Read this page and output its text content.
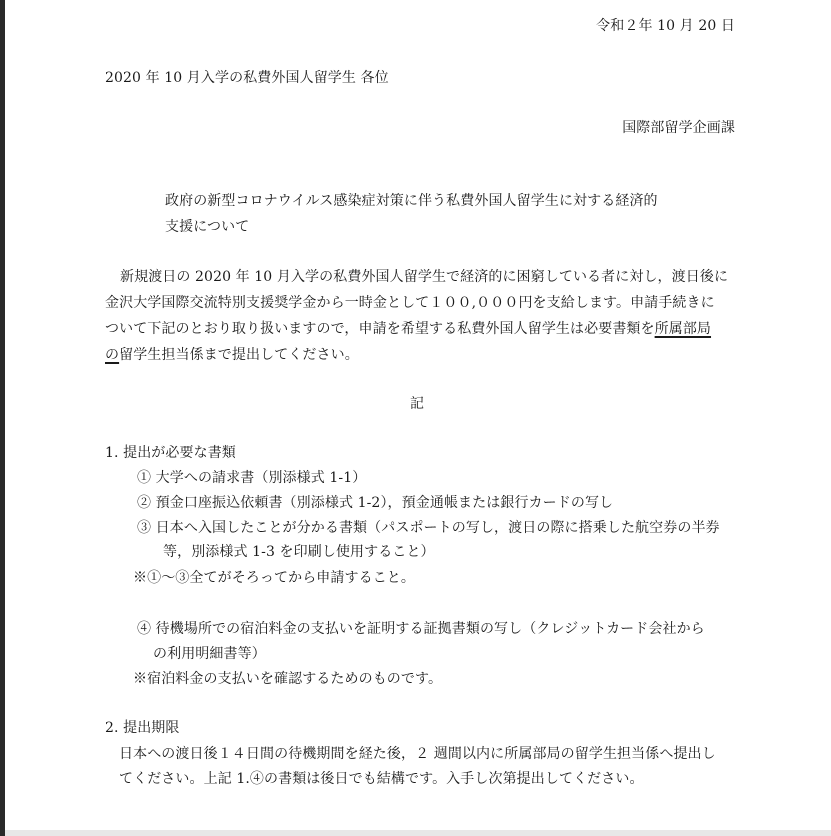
令和２年 10 月 20 日

2020 年 10 月入学の私費外国人留学生 各位

国際部留学企画課

政府の新型コロナウイルス感染症対策に伴う私費外国人留学生に対する経済的

支援について

新規渡日の 2020 年 10 月入学の私費外国人留学生で経済的に困窮している者に対し，渡日後に

金沢大学国際交流特別支援奨学金から一時金として１００,０００円を支給します。申請手続きに

ついて下記のとおり取り扱いますので，申請を希望する私費外国人留学生は必要書類を所属部局

の留学生担当係まで提出してください。

記

1. 提出が必要な書類

① 大学への請求書（別添様式 1-1）

② 預金口座振込依頼書（別添様式 1-2），預金通帳または銀行カードの写し

③ 日本へ入国したことが分かる書類（パスポートの写し，渡日の際に搭乗した航空券の半券

等，別添様式 1-3 を印刷し使用すること）

※①～③全てがそろってから申請すること。

④ 待機場所での宿泊料金の支払いを証明する証拠書類の写し（クレジットカード会社から

の利用明細書等）

※宿泊料金の支払いを確認するためのものです。

2. 提出期限

日本への渡日後１４日間の待機期間を経た後，２ 週間以内に所属部局の留学生担当係へ提出し

てください。上記 1.④の書類は後日でも結構です。入手し次第提出してください。
